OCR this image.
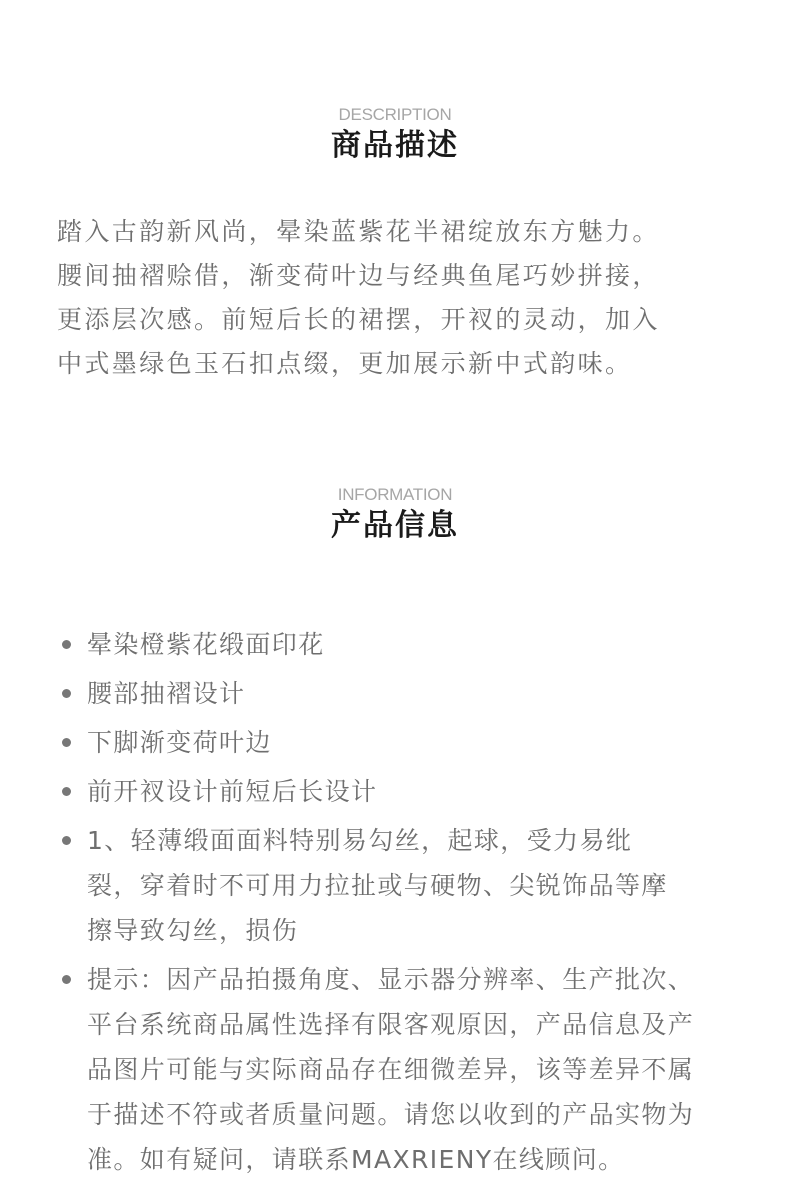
DESCRIPTION
商品描述
踏入古韵新风尚，晕染蓝紫花半裙绽放东方魅力。
腰间抽褶赊借，渐变荷叶边与经典鱼尾巧妙拼接，
更添层次感。前短后长的裙摆，开衩的灵动，加入
中式墨绿色玉石扣点缀，更加展示新中式韵味。
INFORMATION
产品信息
晕染橙紫花缎面印花
腰部抽褶设计
下脚渐变荷叶边
前开衩设计前短后长设计
1、轻薄缎面面料特别易勾丝，起球，受力易纰
裂，穿着时不可用力拉扯或与硬物、尖锐饰品等摩
擦导致勾丝，损伤
提示：因产品拍摄角度、显示器分辨率、生产批次、
平台系统商品属性选择有限客观原因，产品信息及产
品图片可能与实际商品存在细微差异，该等差异不属
于描述不符或者质量问题。请您以收到的产品实物为
准。如有疑问，请联系MAXRIENY在线顾问。
